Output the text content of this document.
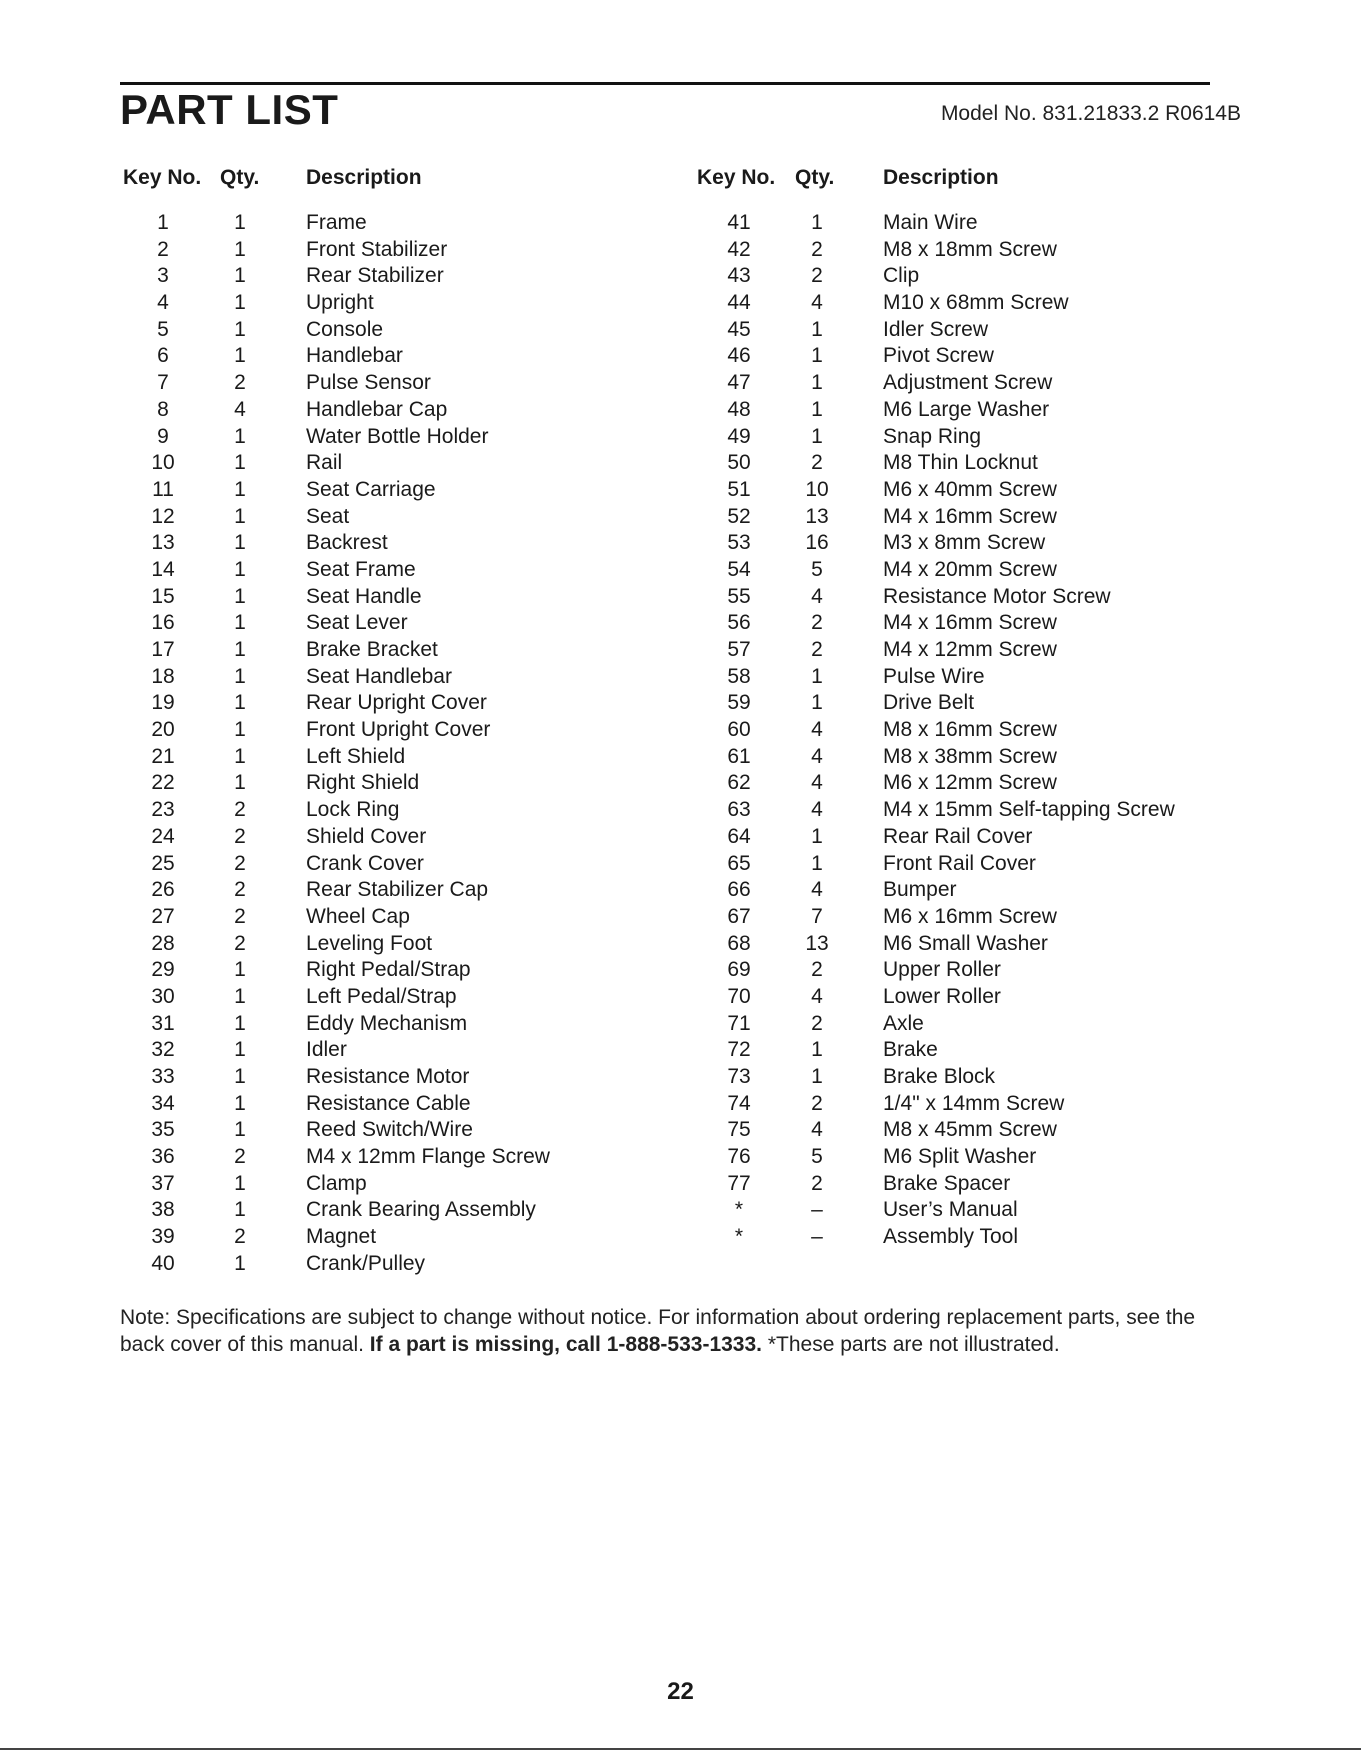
PART LIST	Model No. 831.21833.2 R0614B
Key No. Qty. Description	Key No. Qty. Description
1	1	Frame
2	1	Front Stabilizer
3	1	Rear Stabilizer
4	1	Upright
5	1	Console
6	1	Handlebar
7	2	Pulse Sensor
8	4	Handlebar Cap
9	1	Water Bottle Holder
10	1	Rail
11	1	Seat Carriage
12	1	Seat
13	1	Backrest
14	1	Seat Frame
15	1	Seat Handle
16	1	Seat Lever
17	1	Brake Bracket
18	1	Seat Handlebar
19	1	Rear Upright Cover
20	1	Front Upright Cover
21	1	Left Shield
22	1	Right Shield
23	2	Lock Ring
24	2	Shield Cover
25	2	Crank Cover
26	2	Rear Stabilizer Cap
27	2	Wheel Cap
28	2	Leveling Foot
29	1	Right Pedal/Strap
30	1	Left Pedal/Strap
31	1	Eddy Mechanism
32	1	Idler
33	1	Resistance Motor
34	1	Resistance Cable
35	1	Reed Switch/Wire
36	2	M4 x 12mm Flange Screw
37	1	Clamp
38	1	Crank Bearing Assembly
39	2	Magnet
40	1	Crank/Pulley
41	1	Main Wire
42	2	M8 x 18mm Screw
43	2	Clip
44	4	M10 x 68mm Screw
45	1	Idler Screw
46	1	Pivot Screw
47	1	Adjustment Screw
48	1	M6 Large Washer
49	1	Snap Ring
50	2	M8 Thin Locknut
51	10	M6 x 40mm Screw
52	13	M4 x 16mm Screw
53	16	M3 x 8mm Screw
54	5	M4 x 20mm Screw
55	4	Resistance Motor Screw
56	2	M4 x 16mm Screw
57	2	M4 x 12mm Screw
58	1	Pulse Wire
59	1	Drive Belt
60	4	M8 x 16mm Screw
61	4	M8 x 38mm Screw
62	4	M6 x 12mm Screw
63	4	M4 x 15mm Self-tapping Screw
64	1	Rear Rail Cover
65	1	Front Rail Cover
66	4	Bumper
67	7	M6 x 16mm Screw
68	13	M6 Small Washer
69	2	Upper Roller
70	4	Lower Roller
71	2	Axle
72	1	Brake
73	1	Brake Block
74	2	1/4" x 14mm Screw
75	4	M8 x 45mm Screw
76	5	M6 Split Washer
77	2	Brake Spacer
*	–	User’s Manual
*	–	Assembly Tool
Note: Specifications are subject to change without notice. For information about ordering replacement parts, see the back cover of this manual. If a part is missing, call 1-888-533-1333. *These parts are not illustrated.
22
